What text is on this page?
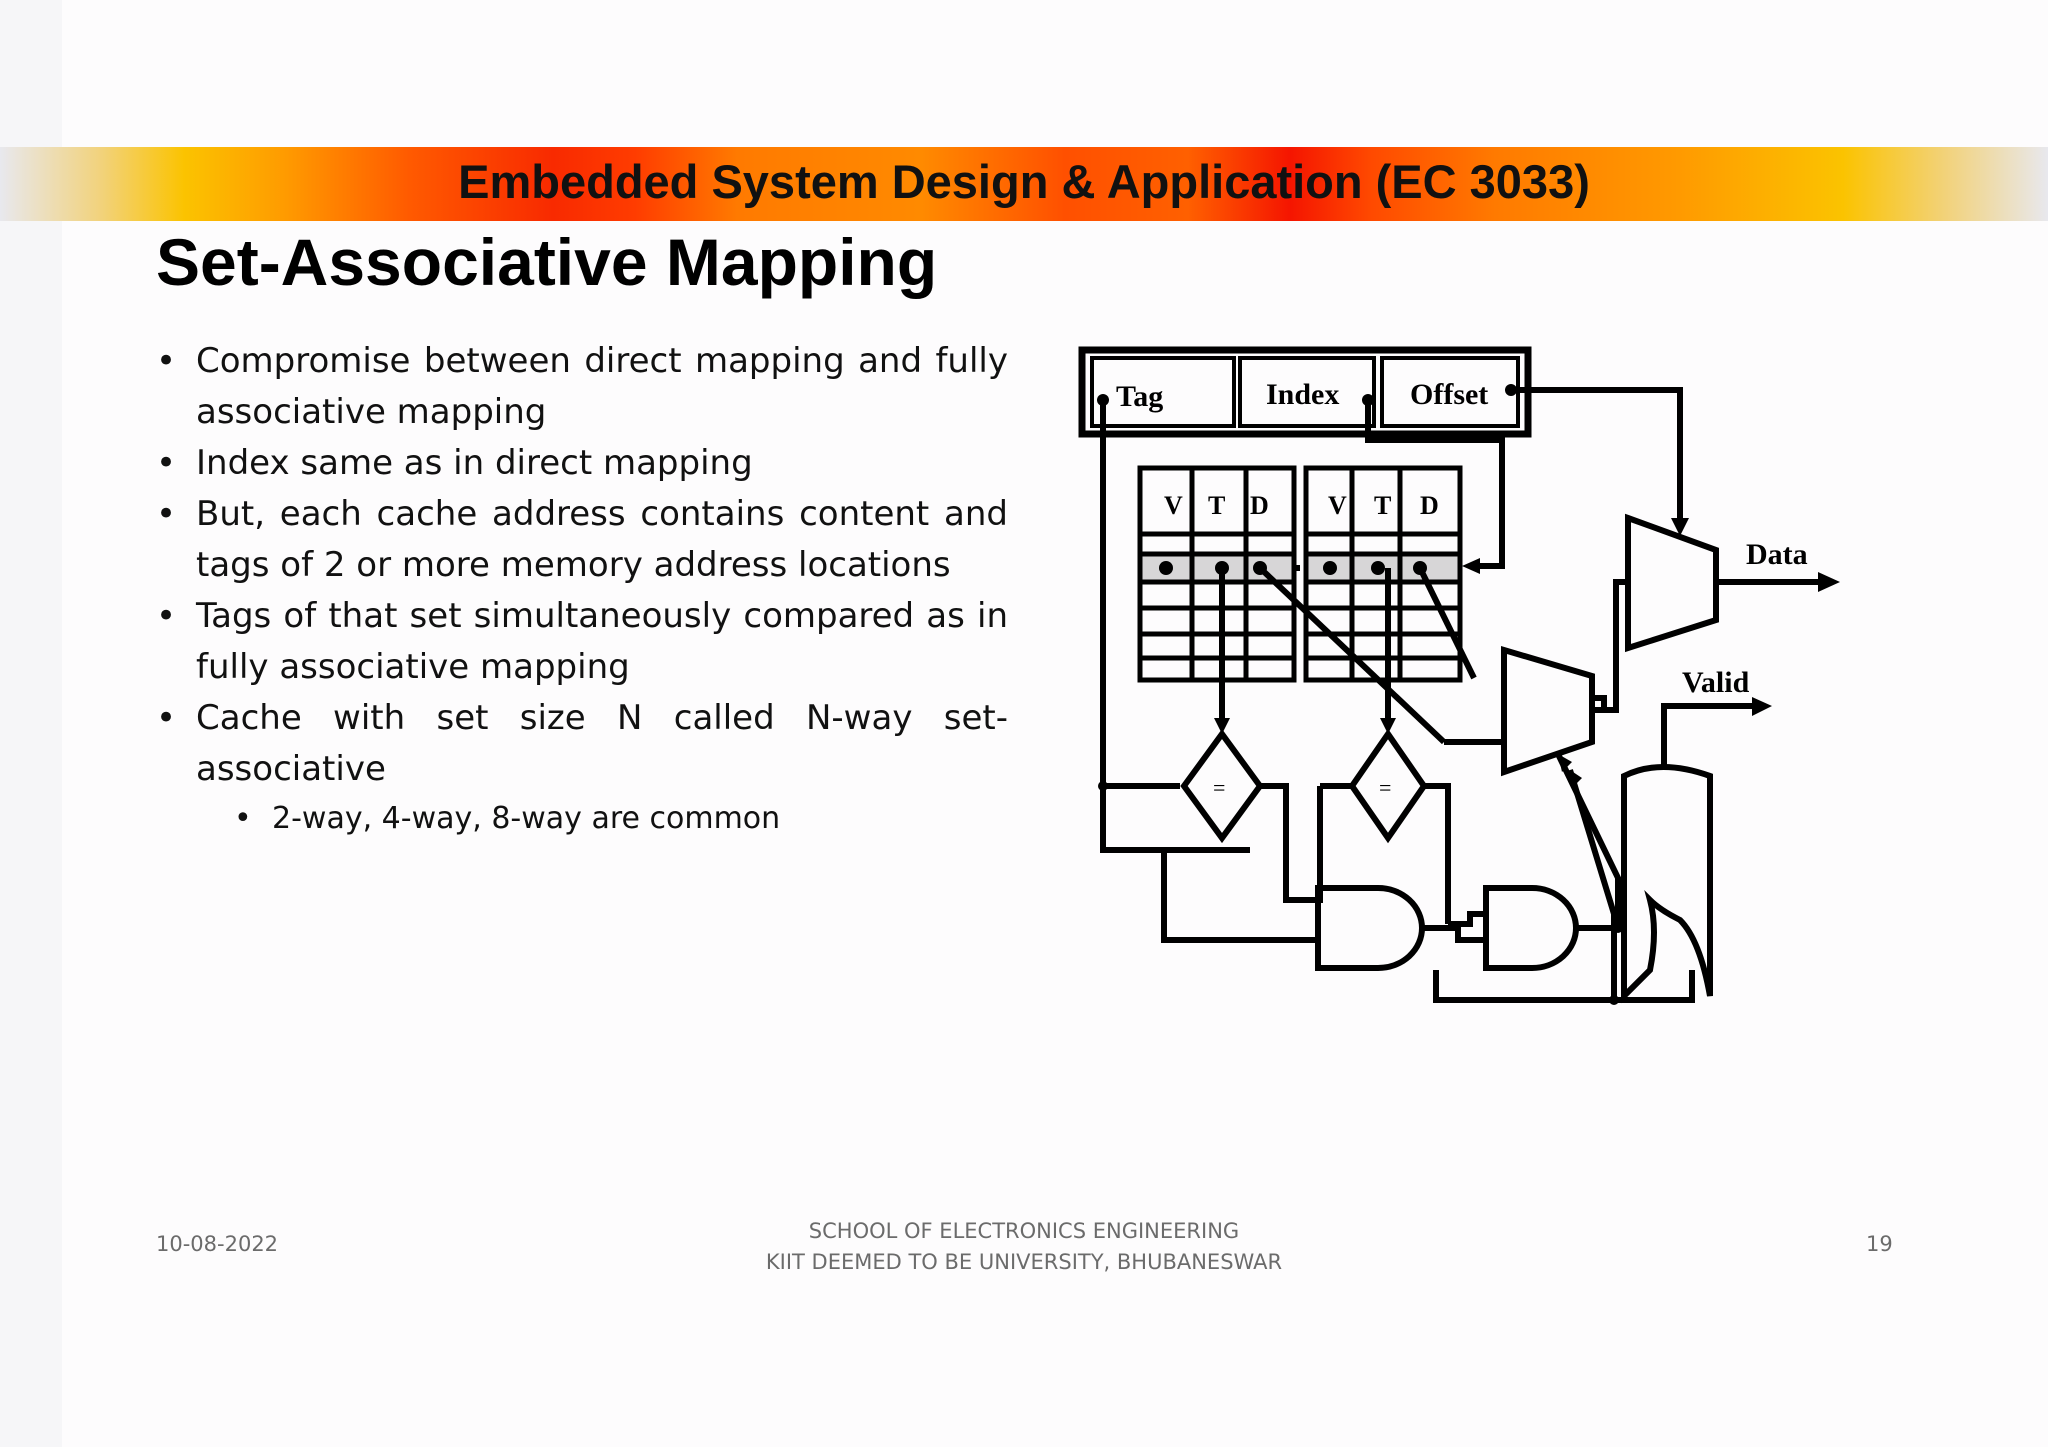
Embedded System Design & Application (EC 3033)
Set-Associative Mapping
• Compromise between direct mapping and fully associative mapping
• Index same as in direct mapping
• But, each cache address contains content and tags of 2 or more memory address locations
• Tags of that set simultaneously compared as in fully associative mapping
• Cache with set size N called N-way set-associative
• 2-way, 4-way, 8-way are common
Tag	Index Offset
V T D V T D
=	=
Data
Valid
10-08-2022
SCHOOL OF ELECTRONICS ENGINEERING
KIIT DEEMED TO BE UNIVERSITY, BHUBANESWAR
19
